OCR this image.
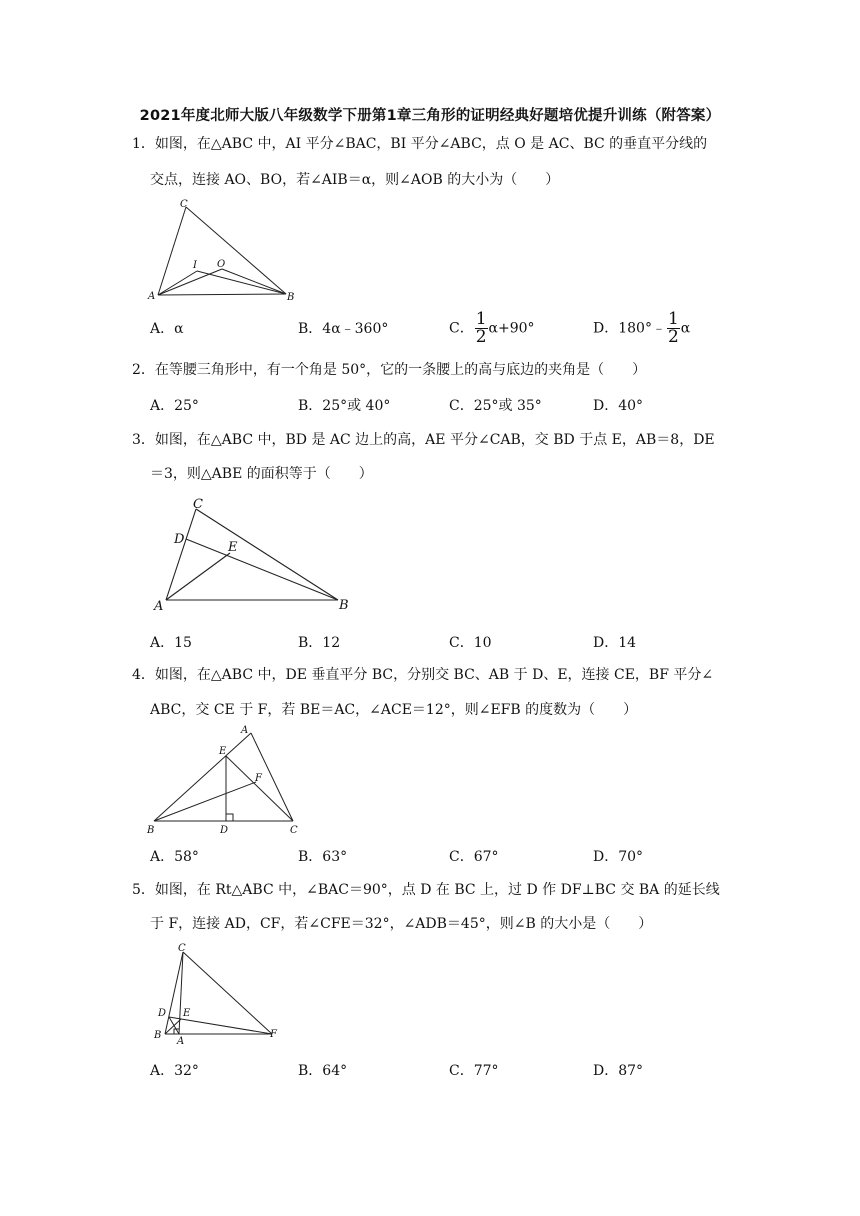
2021年度北师大版八年级数学下册第1章三角形的证明经典好题培优提升训练（附答案）
1．如图，在△ABC 中，AI 平分∠BAC，BI 平分∠ABC，点 O 是 AC、BC 的垂直平分线的
交点，连接 AO、BO，若∠AIB＝α，则∠AOB 的大小为（　　）
A	B
C
I O
A．α	B．4α﹣360°	C． $\frac{1}{2} \alpha+90^\circ$	D．180°﹣ $\frac{1}{2}$ α
2．在等腰三角形中，有一个角是 50°，它的一条腰上的高与底边的夹角是（　　）
A．25°	B．25°或 40°	C．25°或 35°	D．40°
3．如图，在△ABC 中，BD 是 AC 边上的高，AE 平分∠CAB，交 BD 于点 E，AB＝8，DE
＝3，则△ABE 的面积等于（　　）
A	B
C
D
E
A．15	B．12	C．10	D．14
4．如图，在△ABC 中，DE 垂直平分 BC，分别交 BC、AB 于 D、E，连接 CE，BF 平分∠
ABC，交 CE 于 F，若 BE＝AC，∠ACE＝12°，则∠EFB 的度数为（　　）
B	C
A
E
F
D
A．58°	B．63°	C．67°	D．70°
5．如图，在 Rt△ABC 中，∠BAC＝90°，点 D 在 BC 上，过 D 作 DF⊥BC 交 BA 的延长线
于 F，连接 AD，CF，若∠CFE＝32°，∠ADB＝45°，则∠B 的大小是（　　）
C
D E
B
A
F
A．32°	B．64°	C．77°	D．87°
